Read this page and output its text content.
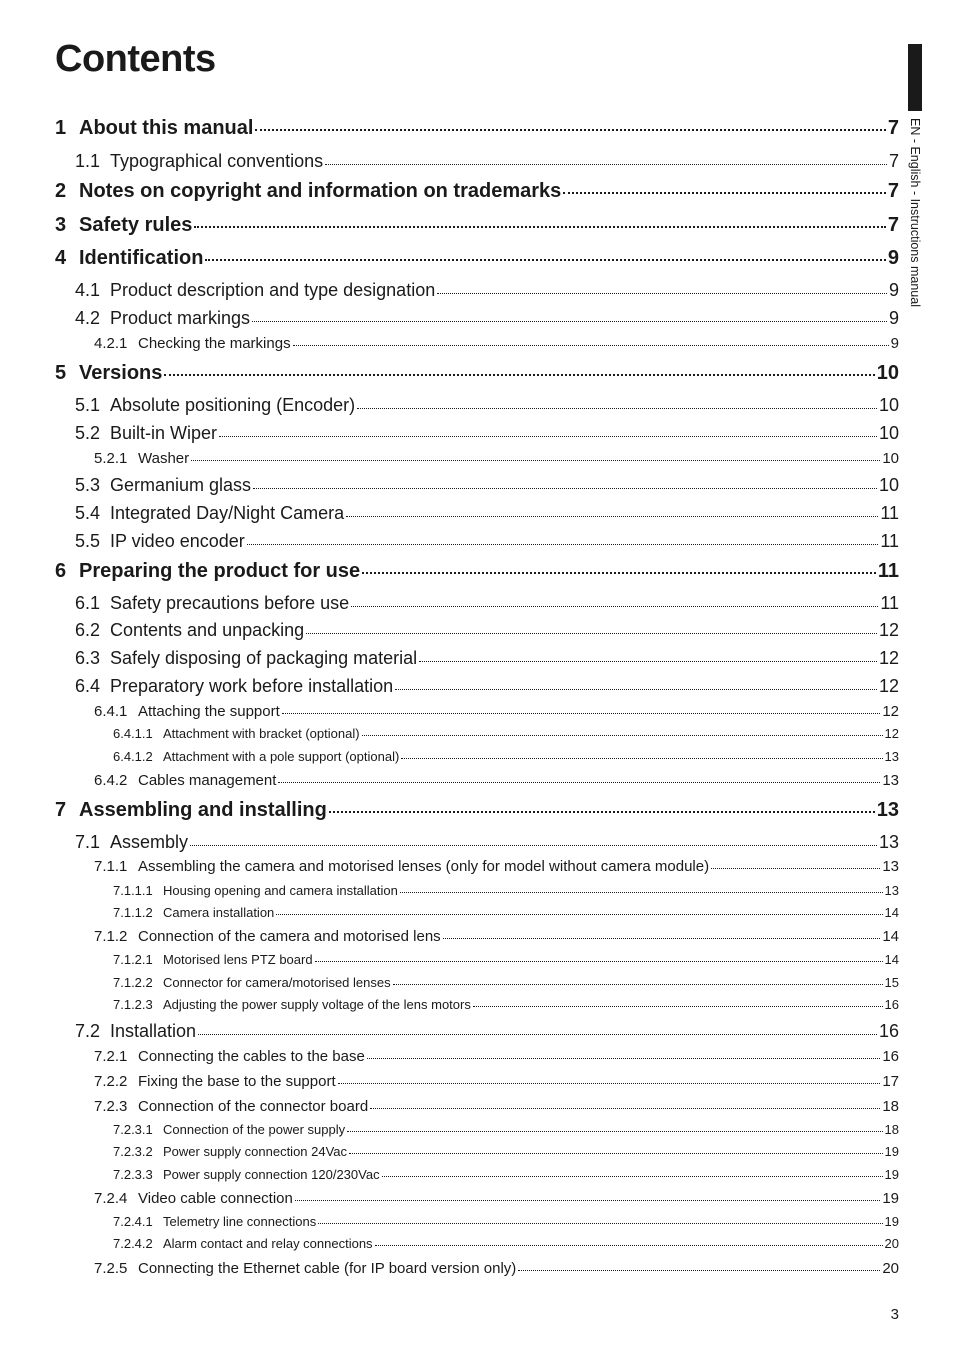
Contents
EN - English - Instructions manual
1 About this manual	7
1.1 Typographical conventions	7
2 Notes on copyright and information on trademarks	7
3 Safety rules	7
4 Identification	9
4.1 Product description and type designation	9
4.2 Product markings	9
4.2.1 Checking the markings	9
5 Versions	10
5.1 Absolute positioning (Encoder)	10
5.2 Built-in Wiper	10
5.2.1 Washer	10
5.3 Germanium glass	10
5.4 Integrated Day/Night Camera	11
5.5 IP video encoder	11
6 Preparing the product for use	11
6.1 Safety precautions before use	11
6.2 Contents and unpacking	12
6.3 Safely disposing of packaging material	12
6.4 Preparatory work before installation	12
6.4.1 Attaching the support	12
6.4.1.1 Attachment with bracket (optional)	12
6.4.1.2 Attachment with a pole support (optional)	13
6.4.2 Cables management	13
7 Assembling and installing	13
7.1 Assembly	13
7.1.1 Assembling the camera and motorised lenses (only for model without camera module)	13
7.1.1.1 Housing opening and camera installation	13
7.1.1.2 Camera installation	14
7.1.2 Connection of the camera and motorised lens	14
7.1.2.1 Motorised lens PTZ board	14
7.1.2.2 Connector for camera/motorised lenses	15
7.1.2.3 Adjusting the power supply voltage of the lens motors	16
7.2 Installation	16
7.2.1 Connecting the cables to the base	16
7.2.2 Fixing the base to the support	17
7.2.3 Connection of the connector board	18
7.2.3.1 Connection of the power supply	18
7.2.3.2 Power supply connection 24Vac	19
7.2.3.3 Power supply connection 120/230Vac	19
7.2.4 Video cable connection	19
7.2.4.1 Telemetry line connections	19
7.2.4.2 Alarm contact and relay connections	20
7.2.5 Connecting the Ethernet cable (for IP board version only)	20
3
